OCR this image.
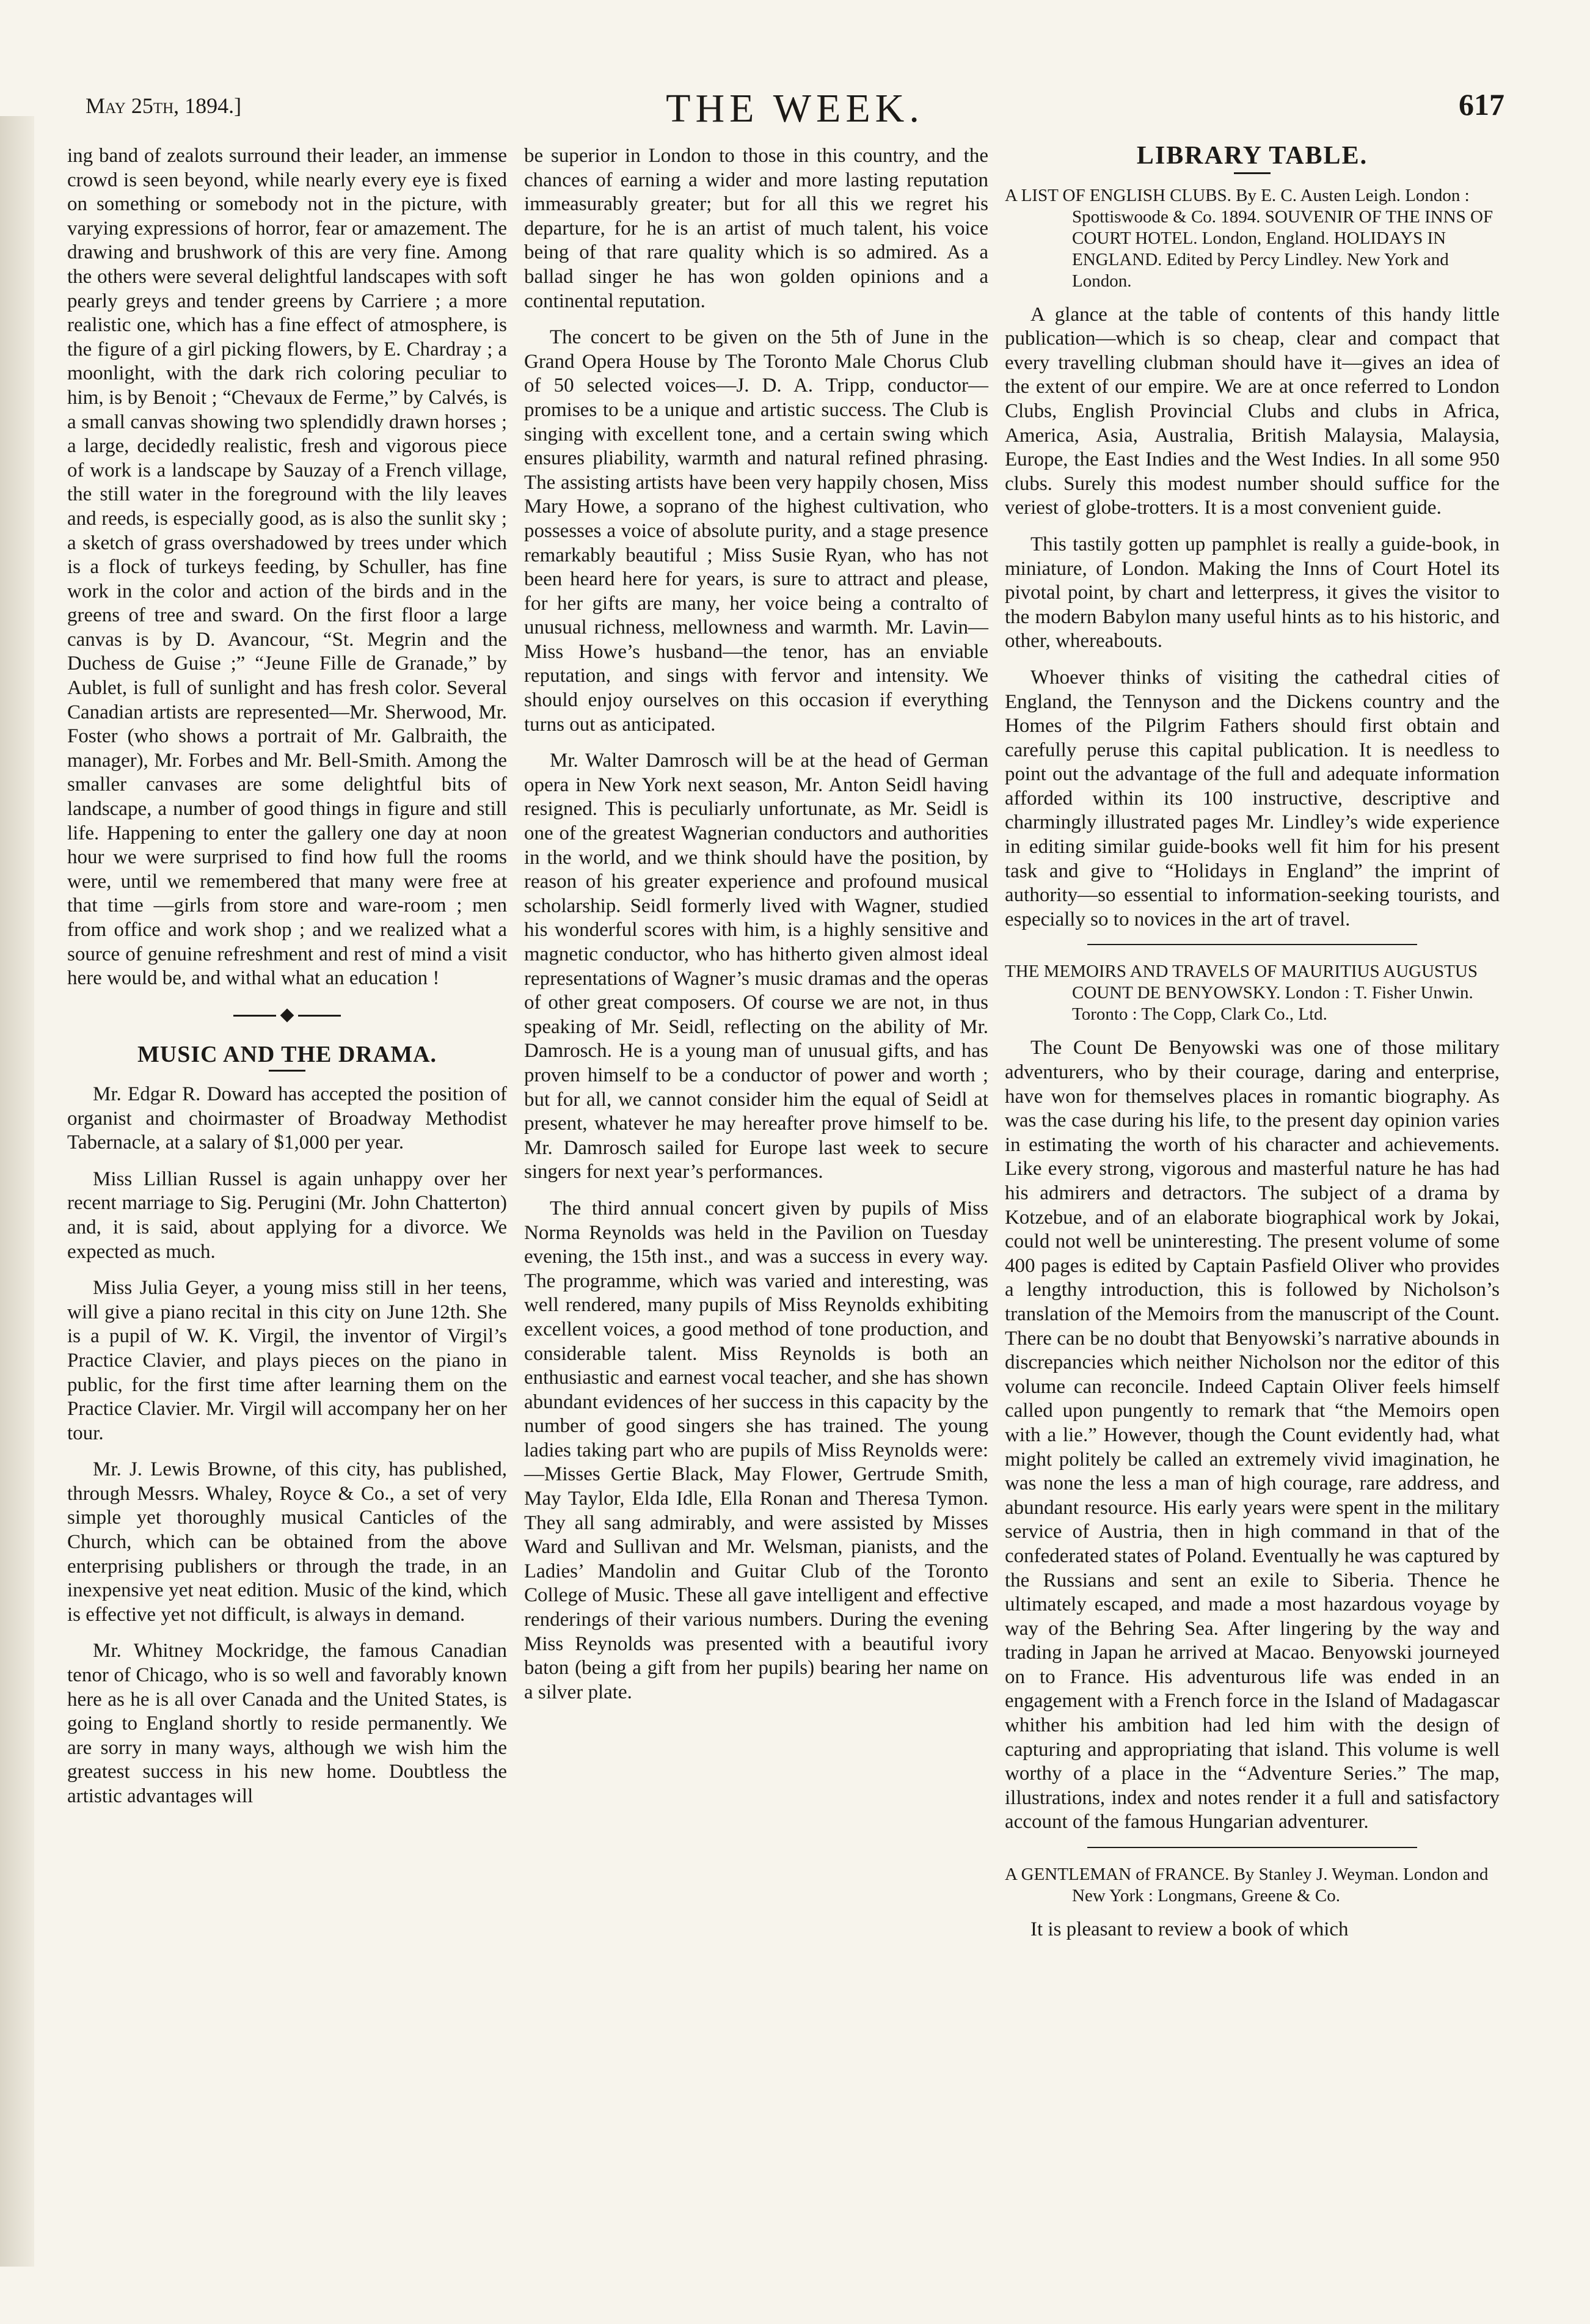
May 25th, 1894.]	THE WEEK.	617

ing band of zealots surround their leader, an immense crowd is seen beyond, while nearly every eye is fixed on something or somebody not in the picture, with varying expressions of horror, fear or amazement. The drawing and brushwork of this are very fine. Among the others were several delightful landscapes with soft pearly greys and tender greens by Carriere ; a more realistic one, which has a fine effect of atmosphere, is the figure of a girl picking flowers, by E. Chardray ; a moonlight, with the dark rich coloring peculiar to him, is by Benoit ; “Chevaux de Ferme,” by Calvés, is a small canvas showing two splendidly drawn horses ; a large, decidedly realistic, fresh and vigorous piece of work is a landscape by Sauzay of a French village, the still water in the foreground with the lily leaves and reeds, is especially good, as is also the sunlit sky ; a sketch of grass overshadowed by trees under which is a flock of turkeys feeding, by Schuller, has fine work in the color and action of the birds and in the greens of tree and sward. On the first floor a large canvas is by D. Avancour, “St. Megrin and the Duchess de Guise ;” “Jeune Fille de Granade,” by Aublet, is full of sunlight and has fresh color. Several Canadian artists are represented—Mr. Sherwood, Mr. Foster (who shows a portrait of Mr. Galbraith, the manager), Mr. Forbes and Mr. Bell-Smith. Among the smaller canvases are some delightful bits of landscape, a number of good things in figure and still life. Happening to enter the gallery one day at noon hour we were surprised to find how full the rooms were, until we remembered that many were free at that time —girls from store and ware-room ; men from office and work shop ; and we realized what a source of genuine refreshment and rest of mind a visit here would be, and withal what an education !

MUSIC AND THE DRAMA.

Mr. Edgar R. Doward has accepted the position of organist and choirmaster of Broadway Methodist Tabernacle, at a salary of $1,000 per year.

Miss Lillian Russel is again unhappy over her recent marriage to Sig. Perugini (Mr. John Chatterton) and, it is said, about applying for a divorce. We expected as much.

Miss Julia Geyer, a young miss still in her teens, will give a piano recital in this city on June 12th. She is a pupil of W. K. Virgil, the inventor of Virgil’s Practice Clavier, and plays pieces on the piano in public, for the first time after learning them on the Practice Clavier. Mr. Virgil will accompany her on her tour.

Mr. J. Lewis Browne, of this city, has published, through Messrs. Whaley, Royce & Co., a set of very simple yet thoroughly musical Canticles of the Church, which can be obtained from the above enterprising publishers or through the trade, in an inexpensive yet neat edition. Music of the kind, which is effective yet not difficult, is always in demand.

Mr. Whitney Mockridge, the famous Canadian tenor of Chicago, who is so well and favorably known here as he is all over Canada and the United States, is going to England shortly to reside permanently. We are sorry in many ways, although we wish him the greatest success in his new home. Doubtless the artistic advantages will

be superior in London to those in this country, and the chances of earning a wider and more lasting reputation immeasurably greater; but for all this we regret his departure, for he is an artist of much talent, his voice being of that rare quality which is so admired. As a ballad singer he has won golden opinions and a continental reputation.

The concert to be given on the 5th of June in the Grand Opera House by The Toronto Male Chorus Club of 50 selected voices—J. D. A. Tripp, conductor—promises to be a unique and artistic success. The Club is singing with excellent tone, and a certain swing which ensures pliability, warmth and natural refined phrasing. The assisting artists have been very happily chosen, Miss Mary Howe, a soprano of the highest cultivation, who possesses a voice of absolute purity, and a stage presence remarkably beautiful ; Miss Susie Ryan, who has not been heard here for years, is sure to attract and please, for her gifts are many, her voice being a contralto of unusual richness, mellowness and warmth. Mr. Lavin—Miss Howe’s husband—the tenor, has an enviable reputation, and sings with fervor and intensity. We should enjoy ourselves on this occasion if everything turns out as anticipated.

Mr. Walter Damrosch will be at the head of German opera in New York next season, Mr. Anton Seidl having resigned. This is peculiarly unfortunate, as Mr. Seidl is one of the greatest Wagnerian conductors and authorities in the world, and we think should have the position, by reason of his greater experience and profound musical scholarship. Seidl formerly lived with Wagner, studied his wonderful scores with him, is a highly sensitive and magnetic conductor, who has hitherto given almost ideal representations of Wagner’s music dramas and the operas of other great composers. Of course we are not, in thus speaking of Mr. Seidl, reflecting on the ability of Mr. Damrosch. He is a young man of unusual gifts, and has proven himself to be a conductor of power and worth ; but for all, we cannot consider him the equal of Seidl at present, whatever he may hereafter prove himself to be. Mr. Damrosch sailed for Europe last week to secure singers for next year’s performances.

The third annual concert given by pupils of Miss Norma Reynolds was held in the Pavilion on Tuesday evening, the 15th inst., and was a success in every way. The programme, which was varied and interesting, was well rendered, many pupils of Miss Reynolds exhibiting excellent voices, a good method of tone production, and considerable talent. Miss Reynolds is both an enthusiastic and earnest vocal teacher, and she has shown abundant evidences of her success in this capacity by the number of good singers she has trained. The young ladies taking part who are pupils of Miss Reynolds were:—Misses Gertie Black, May Flower, Gertrude Smith, May Taylor, Elda Idle, Ella Ronan and Theresa Tymon. They all sang admirably, and were assisted by Misses Ward and Sullivan and Mr. Welsman, pianists, and the Ladies’ Mandolin and Guitar Club of the Toronto College of Music. These all gave intelligent and effective renderings of their various numbers. During the evening Miss Reynolds was presented with a beautiful ivory baton (being a gift from her pupils) bearing her name on a silver plate.

LIBRARY TABLE.
A LIST OF ENGLISH CLUBS. By E. C. Austen Leigh. London : Spottiswoode & Co. 1894. SOUVENIR OF THE INNS OF COURT HOTEL. London, England. HOLIDAYS IN ENGLAND. Edited by Percy Lindley. New York and London.

A glance at the table of contents of this handy little publication—which is so cheap, clear and compact that every travelling clubman should have it—gives an idea of the extent of our empire. We are at once referred to London Clubs, English Provincial Clubs and clubs in Africa, America, Asia, Australia, British Malaysia, Malaysia, Europe, the East Indies and the West Indies. In all some 950 clubs. Surely this modest number should suffice for the veriest of globe-trotters. It is a most convenient guide.

This tastily gotten up pamphlet is really a guide-book, in miniature, of London. Making the Inns of Court Hotel its pivotal point, by chart and letterpress, it gives the visitor to the modern Babylon many useful hints as to his historic, and other, whereabouts.

Whoever thinks of visiting the cathedral cities of England, the Tennyson and the Dickens country and the Homes of the Pilgrim Fathers should first obtain and carefully peruse this capital publication. It is needless to point out the advantage of the full and adequate information afforded within its 100 instructive, descriptive and charmingly illustrated pages Mr. Lindley’s wide experience in editing similar guide-books well fit him for his present task and give to “Holidays in England” the imprint of authority—so essential to information-seeking tourists, and especially so to novices in the art of travel.

THE MEMOIRS AND TRAVELS OF MAURITIUS AUGUSTUS COUNT DE BENYOWSKY. London : T. Fisher Unwin. Toronto : The Copp, Clark Co., Ltd.

The Count De Benyowski was one of those military adventurers, who by their courage, daring and enterprise, have won for themselves places in romantic biography. As was the case during his life, to the present day opinion varies in estimating the worth of his character and achievements. Like every strong, vigorous and masterful nature he has had his admirers and detractors. The subject of a drama by Kotzebue, and of an elaborate biographical work by Jokai, could not well be uninteresting. The present volume of some 400 pages is edited by Captain Pasfield Oliver who provides a lengthy introduction, this is followed by Nicholson’s translation of the Memoirs from the manuscript of the Count. There can be no doubt that Benyowski’s narrative abounds in discrepancies which neither Nicholson nor the editor of this volume can reconcile. Indeed Captain Oliver feels himself called upon pungently to remark that “the Memoirs open with a lie.” However, though the Count evidently had, what might politely be called an extremely vivid imagination, he was none the less a man of high courage, rare address, and abundant resource. His early years were spent in the military service of Austria, then in high command in that of the confederated states of Poland. Eventually he was captured by the Russians and sent an exile to Siberia. Thence he ultimately escaped, and made a most hazardous voyage by way of the Behring Sea. After lingering by the way and trading in Japan he arrived at Macao. Benyowski journeyed on to France. His adventurous life was ended in an engagement with a French force in the Island of Madagascar whither his ambition had led him with the design of capturing and appropriating that island. This volume is well worthy of a place in the “Adventure Series.” The map, illustrations, index and notes render it a full and satisfactory account of the famous Hungarian adventurer.

A GENTLEMAN of FRANCE. By Stanley J. Weyman. London and New York : Longmans, Greene & Co.

It is pleasant to review a book of which
